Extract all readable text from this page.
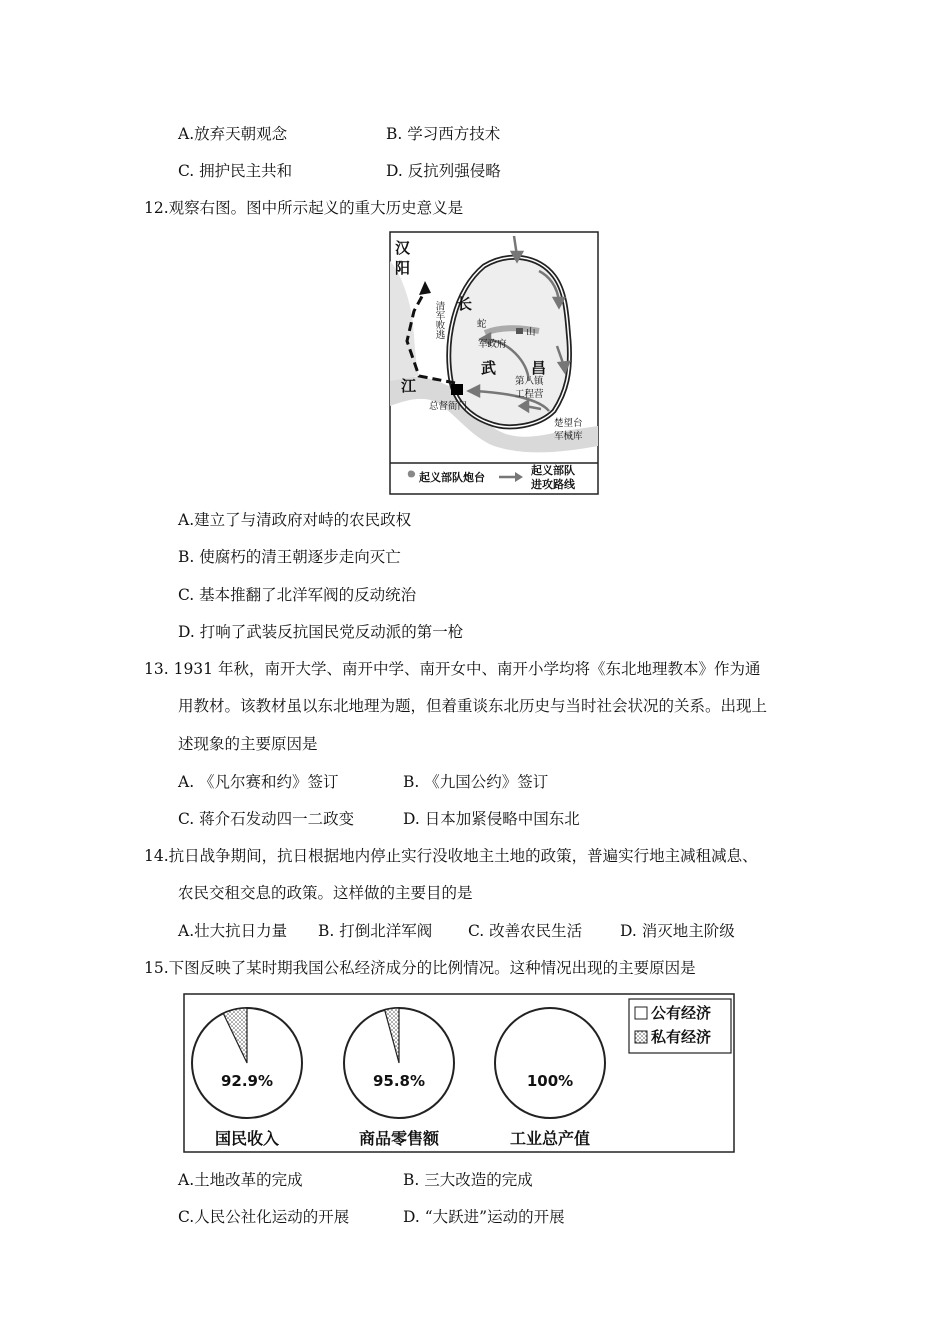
A.放弃天朝观念	B. 学习西方技术
C. 拥护民主共和	D. 反抗列强侵略
12.观察右图。图中所示起义的重大历史意义是
汉
阳
长
江
武 昌
清军败逃	蛇
山
军政府
第八镇
工程营
总督衙门
楚望台
军械库
起义部队炮台
起义部队
进攻路线
A.建立了与清政府对峙的农民政权
B. 使腐朽的清王朝逐步走向灭亡
C. 基本推翻了北洋军阀的反动统治
D. 打响了武装反抗国民党反动派的第一枪
13. 1931 年秋，南开大学、南开中学、南开女中、南开小学均将《东北地理教本》作为通
用教材。该教材虽以东北地理为题，但着重谈东北历史与当时社会状况的关系。出现上
述现象的主要原因是
A. 《凡尔赛和约》签订	B. 《九国公约》签订
C. 蒋介石发动四一二政变	D. 日本加紧侵略中国东北
14.抗日战争期间，抗日根据地内停止实行没收地主土地的政策，普遍实行地主减租减息、
农民交租交息的政策。这样做的主要目的是
A.壮大抗日力量 B. 打倒北洋军阀 C. 改善农民生活 D. 消灭地主阶级
15.下图反映了某时期我国公私经济成分的比例情况。这种情况出现的主要原因是
92.9%
国民收入
95.8%
商品零售额
100%
工业总产值
公有经济
私有经济
A.土地改革的完成	B. 三大改造的完成
C.人民公社化运动的开展	D. “大跃进”运动的开展
